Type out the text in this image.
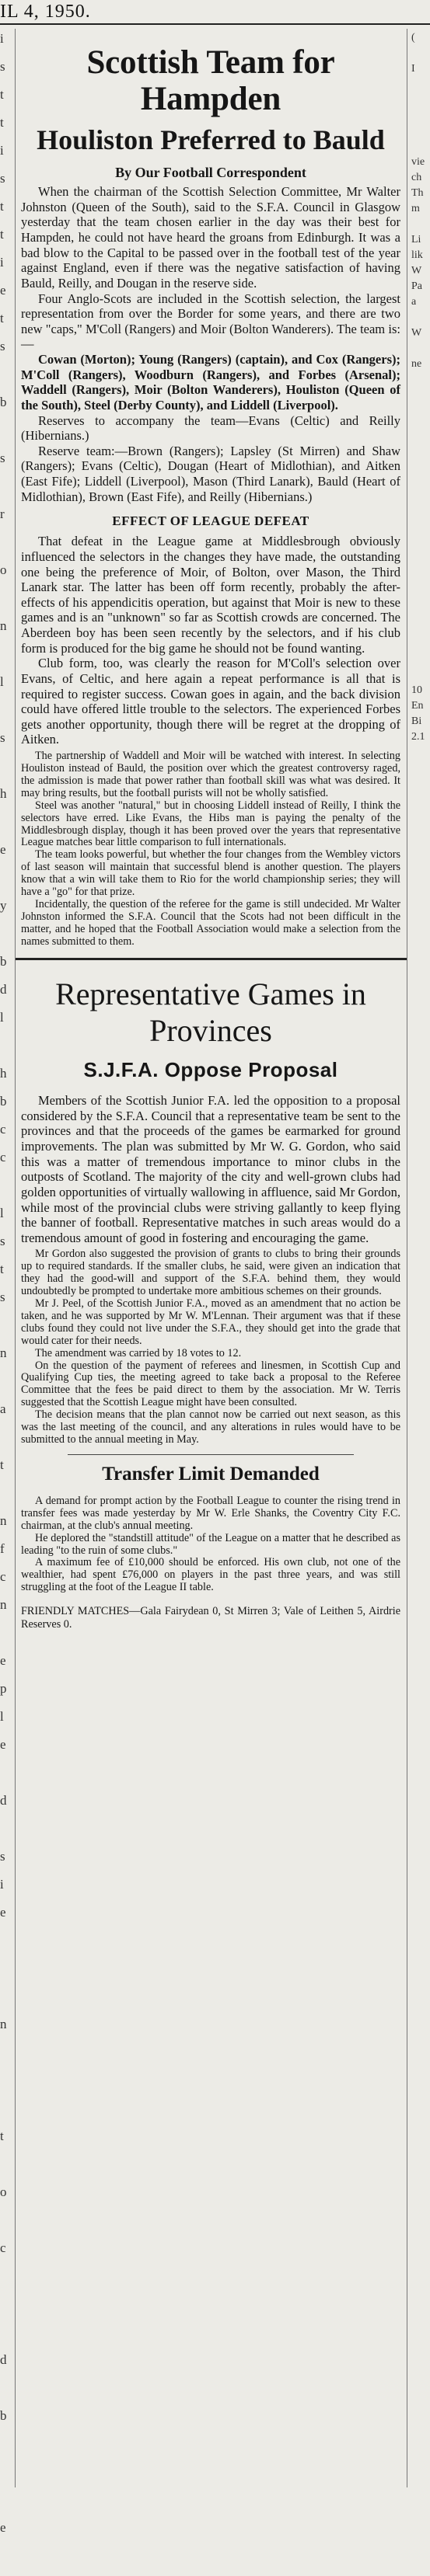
IL 4, 1950.

i
s
t
t
i
s
t
t
i
e
t
s
b
s
r
o
n
l
s
h
e
y
b
d
l
h
b
c
c
l
s
t
s
n
a
t
n
f
c
n
e
p
l
e
d
s
i
e
n
t
o
c
d
b
e
(
I
vie
ch
Th
m
Li
lik
W
Pa
a
W
ne
10
En
Bi
2.1
Scottish Team for Hampden
Houliston Preferred to Bauld

By Our Football Correspondent

When the chairman of the Scottish Selection Committee, Mr Walter Johnston (Queen of the South), said to the S.F.A. Council in Glasgow yesterday that the team chosen earlier in the day was their best for Hampden, he could not have heard the groans from Edinburgh. It was a bad blow to the Capital to be passed over in the football test of the year against England, even if there was the negative satisfaction of having Bauld, Reilly, and Dougan in the reserve side.

Four Anglo-Scots are included in the Scottish selection, the largest representation from over the Border for some years, and there are two new "caps," M'Coll (Rangers) and Moir (Bolton Wanderers). The team is:—

Cowan (Morton); Young (Rangers) (captain), and Cox (Rangers); M'Coll (Rangers), Woodburn (Rangers), and Forbes (Arsenal); Waddell (Rangers), Moir (Bolton Wanderers), Houliston (Queen of the South), Steel (Derby County), and Liddell (Liverpool).

Reserves to accompany the team—Evans (Celtic) and Reilly (Hibernians.)

Reserve team:—Brown (Rangers); Lapsley (St Mirren) and Shaw (Rangers); Evans (Celtic), Dougan (Heart of Midlothian), and Aitken (East Fife); Liddell (Liverpool), Mason (Third Lanark), Bauld (Heart of Midlothian), Brown (East Fife), and Reilly (Hibernians.)

EFFECT OF LEAGUE DEFEAT

That defeat in the League game at Middlesbrough obviously influenced the selectors in the changes they have made, the outstanding one being the preference of Moir, of Bolton, over Mason, the Third Lanark star. The latter has been off form recently, probably the after-effects of his appendicitis operation, but against that Moir is new to these games and is an "unknown" so far as Scottish crowds are concerned. The Aberdeen boy has been seen recently by the selectors, and if his club form is produced for the big game he should not be found wanting.

Club form, too, was clearly the reason for M'Coll's selection over Evans, of Celtic, and here again a repeat performance is all that is required to register success. Cowan goes in again, and the back division could have offered little trouble to the selectors. The experienced Forbes gets another opportunity, though there will be regret at the dropping of Aitken.

The partnership of Waddell and Moir will be watched with interest. In selecting Houliston instead of Bauld, the position over which the greatest controversy raged, the admission is made that power rather than football skill was what was desired. It may bring results, but the football purists will not be wholly satisfied.

Steel was another "natural," but in choosing Liddell instead of Reilly, I think the selectors have erred. Like Evans, the Hibs man is paying the penalty of the Middlesbrough display, though it has been proved over the years that representative League matches bear little comparison to full internationals.

The team looks powerful, but whether the four changes from the Wembley victors of last season will maintain that successful blend is another question. The players know that a win will take them to Rio for the world championship series; they will have a "go" for that prize.

Incidentally, the question of the referee for the game is still undecided. Mr Walter Johnston informed the S.F.A. Council that the Scots had not been difficult in the matter, and he hoped that the Football Association would make a selection from the names submitted to them.

Representative Games in Provinces
S.J.F.A. Oppose Proposal

Members of the Scottish Junior F.A. led the opposition to a proposal considered by the S.F.A. Council that a representative team be sent to the provinces and that the proceeds of the games be earmarked for ground improvements. The plan was submitted by Mr W. G. Gordon, who said this was a matter of tremendous importance to minor clubs in the outposts of Scotland. The majority of the city and well-grown clubs had golden opportunities of virtually wallowing in affluence, said Mr Gordon, while most of the provincial clubs were striving gallantly to keep flying the banner of football. Representative matches in such areas would do a tremendous amount of good in fostering and encouraging the game.

Mr Gordon also suggested the provision of grants to clubs to bring their grounds up to required standards. If the smaller clubs, he said, were given an indication that they had the good-will and support of the S.F.A. behind them, they would undoubtedly be prompted to undertake more ambitious schemes on their grounds.

Mr J. Peel, of the Scottish Junior F.A., moved as an amendment that no action be taken, and he was supported by Mr W. M'Lennan. Their argument was that if these clubs found they could not live under the S.F.A., they should get into the grade that would cater for their needs.

The amendment was carried by 18 votes to 12.

On the question of the payment of referees and linesmen, in Scottish Cup and Qualifying Cup ties, the meeting agreed to take back a proposal to the Referee Committee that the fees be paid direct to them by the association. Mr W. Terris suggested that the Scottish League might have been consulted.

The decision means that the plan cannot now be carried out next season, as this was the last meeting of the council, and any alterations in rules would have to be submitted to the annual meeting in May.

Transfer Limit Demanded

A demand for prompt action by the Football League to counter the rising trend in transfer fees was made yesterday by Mr W. Erle Shanks, the Coventry City F.C. chairman, at the club's annual meeting.

He deplored the "standstill attitude" of the League on a matter that he described as leading "to the ruin of some clubs."

A maximum fee of £10,000 should be enforced. His own club, not one of the wealthier, had spent £76,000 on players in the past three years, and was still struggling at the foot of the League II table.

FRIENDLY MATCHES—Gala Fairydean 0, St Mirren 3; Vale of Leithen 5, Airdrie Reserves 0.
